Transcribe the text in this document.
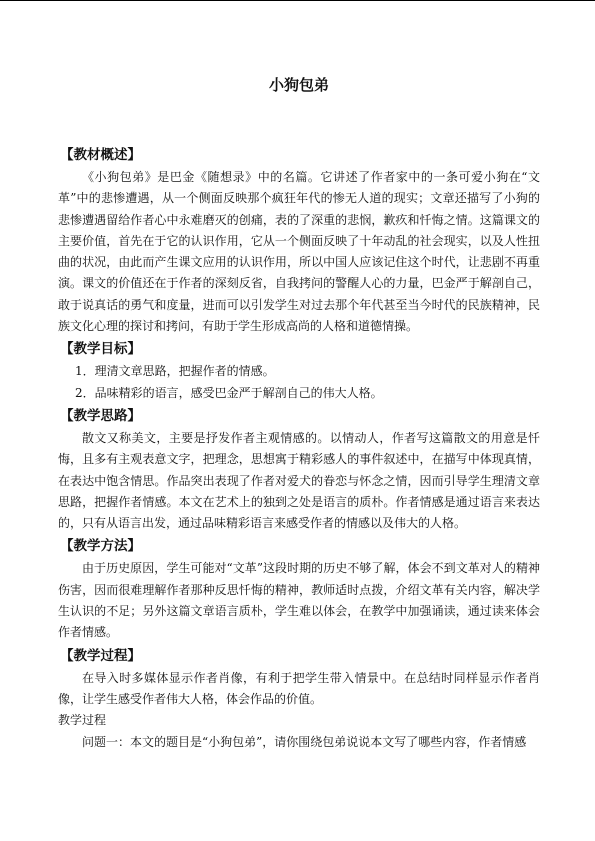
小狗包弟
【教材概述】

《小狗包弟》是巴金《随想录》中的名篇。它讲述了作者家中的一条可爱小狗在“文革”中的悲惨遭遇，从一个侧面反映那个疯狂年代的惨无人道的现实；文章还描写了小狗的悲惨遭遇留给作者心中永难磨灭的创痛，表的了深重的悲悯，歉疚和忏悔之情。这篇课文的主要价值，首先在于它的认识作用，它从一个侧面反映了十年动乱的社会现实，以及人性扭曲的状况，由此而产生课文应用的认识作用，所以中国人应该记住这个时代，让悲剧不再重演。课文的价值还在于作者的深刻反省，自我拷问的警醒人心的力量，巴金严于解剖自己，敢于说真话的勇气和度量，进而可以引发学生对过去那个年代甚至当今时代的民族精神，民族文化心理的探讨和拷问，有助于学生形成高尚的人格和道德情操。

【教学目标】

1．理清文章思路，把握作者的情感。

2．品味精彩的语言，感受巴金严于解剖自己的伟大人格。

【教学思路】

散文又称美文，主要是抒发作者主观情感的。以情动人，作者写这篇散文的用意是忏悔，且多有主观表意文字，把理念，思想寓于精彩感人的事件叙述中，在描写中体现真情，在表达中饱含情思。作品突出表现了作者对爱犬的眷恋与怀念之情，因而引导学生理清文章思路，把握作者情感。本文在艺术上的独到之处是语言的质朴。作者情感是通过语言来表达的，只有从语言出发，通过品味精彩语言来感受作者的情感以及伟大的人格。

【教学方法】

由于历史原因，学生可能对“文革”这段时期的历史不够了解，体会不到文革对人的精神伤害，因而很难理解作者那种反思忏悔的精神，教师适时点拨，介绍文革有关内容，解决学生认识的不足；另外这篇文章语言质朴，学生难以体会，在教学中加强诵读，通过读来体会作者情感。

【教学过程】

在导入时多媒体显示作者肖像，有利于把学生带入情景中。在总结时同样显示作者肖像，让学生感受作者伟大人格，体会作品的价值。

教学过程

问题一：本文的题目是“小狗包弟”，请你围绕包弟说说本文写了哪些内容，作者情感
